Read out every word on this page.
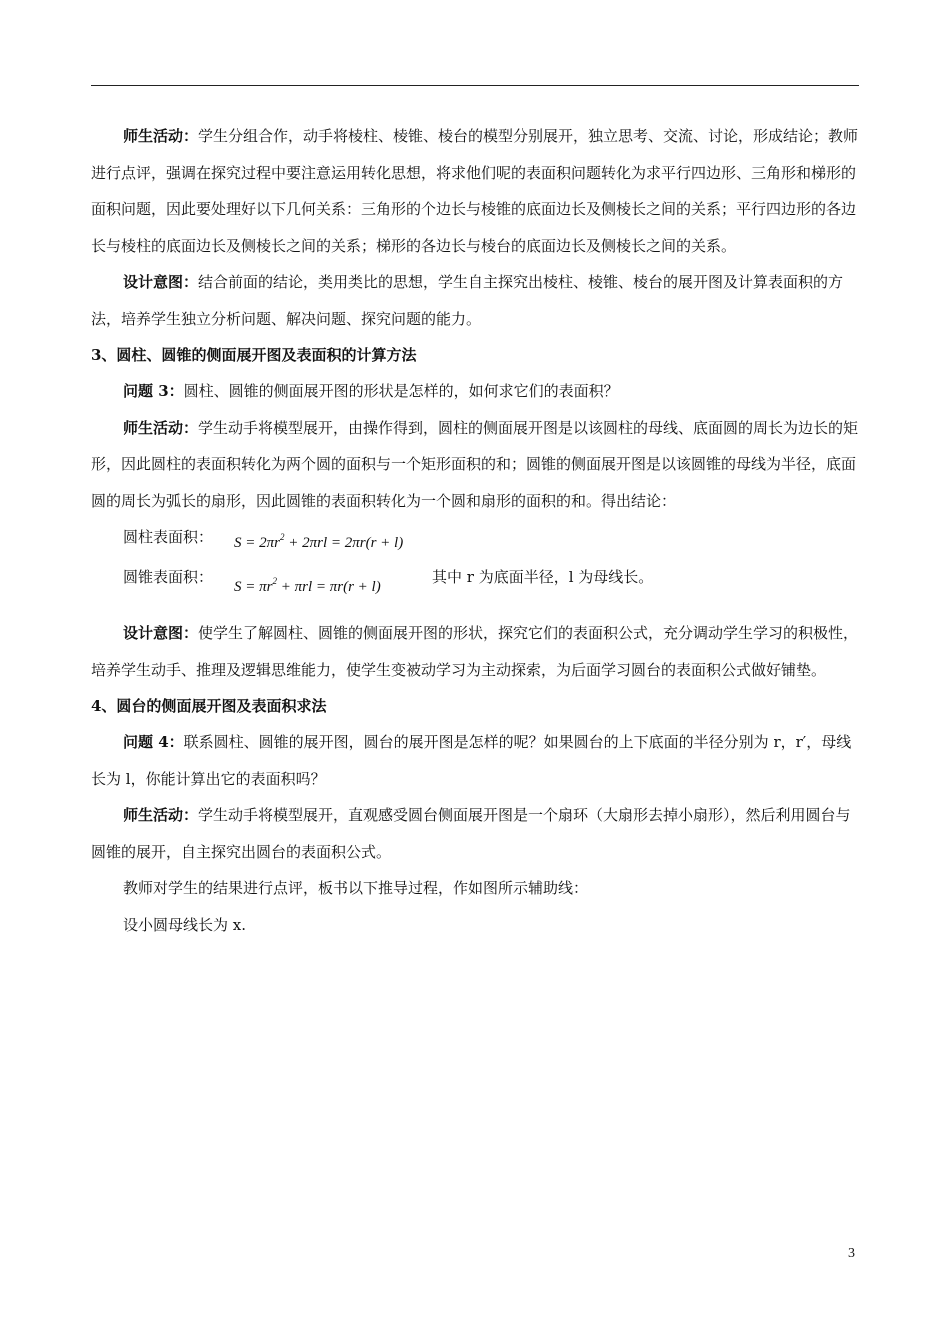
师生活动：学生分组合作，动手将棱柱、棱锥、棱台的模型分别展开，独立思考、交流、讨论，形成结论；教师进行点评，强调在探究过程中要注意运用转化思想，将求他们呢的表面积问题转化为求平行四边形、三角形和梯形的面积问题，因此要处理好以下几何关系：三角形的个边长与棱锥的底面边长及侧棱长之间的关系；平行四边形的各边长与棱柱的底面边长及侧棱长之间的关系；梯形的各边长与棱台的底面边长及侧棱长之间的关系。

设计意图：结合前面的结论，类用类比的思想，学生自主探究出棱柱、棱锥、棱台的展开图及计算表面积的方法，培养学生独立分析问题、解决问题、探究问题的能力。

3、圆柱、圆锥的侧面展开图及表面积的计算方法

问题 3：圆柱、圆锥的侧面展开图的形状是怎样的，如何求它们的表面积？

师生活动：学生动手将模型展开，由操作得到，圆柱的侧面展开图是以该圆柱的母线、底面圆的周长为边长的矩形，因此圆柱的表面积转化为两个圆的面积与一个矩形面积的和；圆锥的侧面展开图是以该圆锥的母线为半径，底面圆的周长为弧长的扇形，因此圆锥的表面积转化为一个圆和扇形的面积的和。得出结论：

圆柱表面积： $S = 2\pi r^2 + 2\pi rl = 2\pi r(r + l)$
圆锥表面积：
$S = \pi r^2 + \pi rl = \pi r(r + l)$
其中 r 为底面半径，l 为母线长。

设计意图：使学生了解圆柱、圆锥的侧面展开图的形状，探究它们的表面积公式，充分调动学生学习的积极性，培养学生动手、推理及逻辑思维能力，使学生变被动学习为主动探索，为后面学习圆台的表面积公式做好铺垫。

4、圆台的侧面展开图及表面积求法

问题 4：联系圆柱、圆锥的展开图，圆台的展开图是怎样的呢？如果圆台的上下底面的半径分别为 r，r′，母线长为 l，你能计算出它的表面积吗？

师生活动：学生动手将模型展开，直观感受圆台侧面展开图是一个扇环（大扇形去掉小扇形），然后利用圆台与圆锥的展开，自主探究出圆台的表面积公式。

教师对学生的结果进行点评，板书以下推导过程，作如图所示辅助线：

设小圆母线长为 x.

3
